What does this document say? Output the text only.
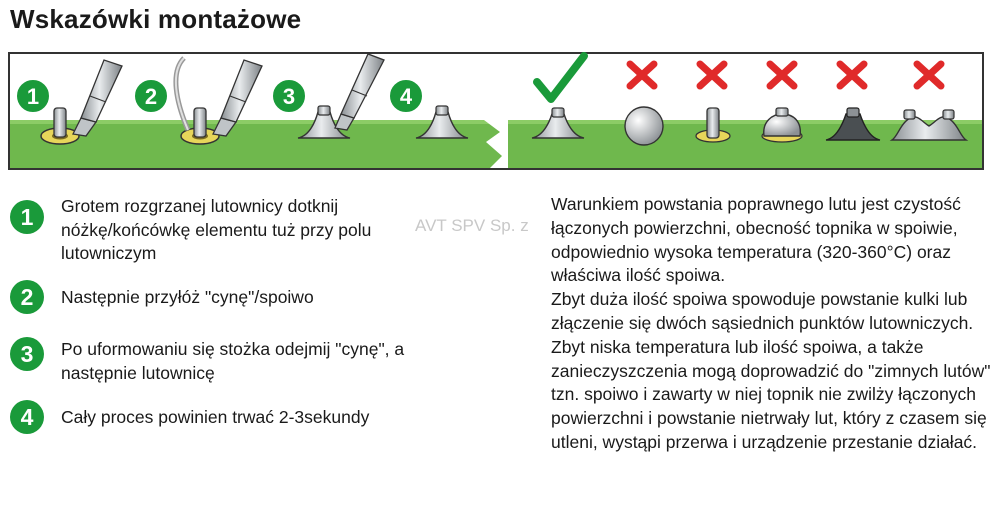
Wskazówki montażowe
1	2	3	4
1	Grotem rozgrzanej lutownicy dotknij nóżkę/końcówkę elementu tuż przy polu lutowniczym
2	Następnie przyłóż "cynę"/spoiwo
3	Po uformowaniu się stożka odejmij "cynę", a następnie lutownicę
4	Cały proces powinien trwać 2-3sekundy
AVT SPV Sp. z
Warunkiem powstania poprawnego lutu jest czystość łączonych powierzchni, obecność topnika w spoiwie, odpowiednio wysoka temperatura (320-360°C) oraz właściwa ilość spoiwa.
Zbyt duża ilość spoiwa spowoduje powstanie kulki lub złączenie się dwóch sąsiednich punktów lutowniczych.
Zbyt niska temperatura lub ilość spoiwa, a także zanieczyszczenia mogą doprowadzić do "zimnych lutów" tzn. spoiwo i zawarty w niej topnik nie zwilży łączonych powierzchni i powstanie nietrwały lut, który z czasem się utleni, wystąpi przerwa i urządzenie przestanie działać.
